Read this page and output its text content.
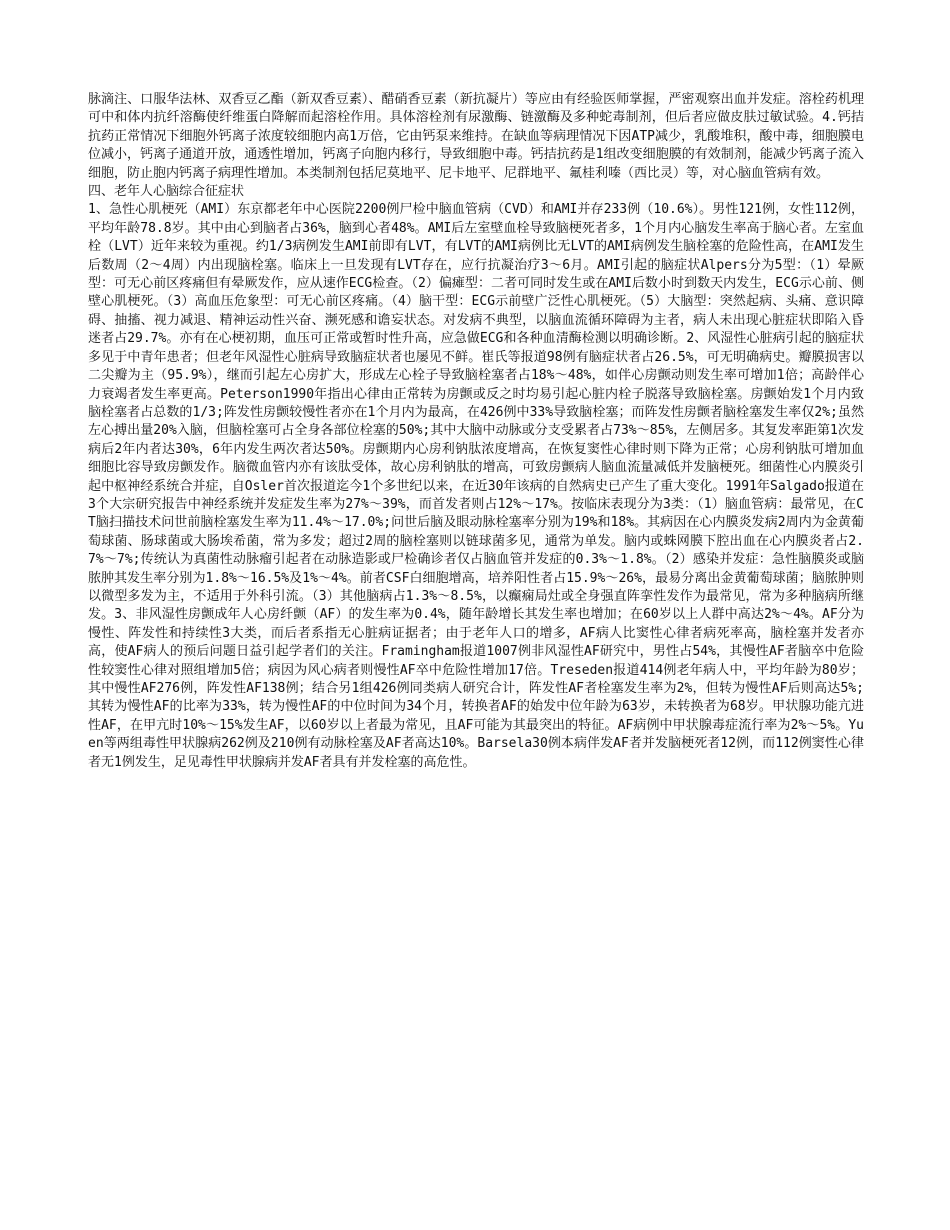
脉滴注、口服华法林、双香豆乙酯（新双香豆素）、醋硝香豆素（新抗凝片）等应由有经验医师掌握，严密观察出血并发症。溶栓药机理可中和体内抗纤溶酶使纤维蛋白降解而起溶栓作用。具体溶栓剂有尿激酶、链激酶及多种蛇毒制剂，但后者应做皮肤过敏试验。4.钙拮抗药正常情况下细胞外钙离子浓度较细胞内高1万倍，它由钙泵来维持。在缺血等病理情况下因ATP减少，乳酸堆积，酸中毒，细胞膜电位减小，钙离子通道开放，通透性增加，钙离子向胞内移行，导致细胞中毒。钙拮抗药是1组改变细胞膜的有效制剂，能减少钙离子流入细胞，防止胞内钙离子病理性增加。本类制剂包括尼莫地平、尼卡地平、尼群地平、氟桂利嗪（西比灵）等，对心脑血管病有效。

四、老年人心脑综合征症状

1、急性心肌梗死（AMI）东京都老年中心医院2200例尸检中脑血管病（CVD）和AMI并存233例（10.6%）。男性121例，女性112例，平均年龄78.8岁。其中由心到脑者占36%，脑到心者48%。AMI后左室壁血栓导致脑梗死者多，1个月内心脑发生率高于脑心者。左室血栓（LVT）近年来较为重视。约1/3病例发生AMI前即有LVT，有LVT的AMI病例比无LVT的AMI病例发生脑栓塞的危险性高，在AMI发生后数周（2～4周）内出现脑栓塞。临床上一旦发现有LVT存在，应行抗凝治疗3～6月。AMI引起的脑症状Alpers分为5型：（1）晕厥型：可无心前区疼痛但有晕厥发作，应从速作ECG检查。（2）偏瘫型：二者可同时发生或在AMI后数小时到数天内发生，ECG示心前、侧壁心肌梗死。（3）高血压危象型：可无心前区疼痛。（4）脑干型：ECG示前壁广泛性心肌梗死。（5）大脑型：突然起病、头痛、意识障碍、抽搐、视力减退、精神运动性兴奋、濒死感和谵妄状态。对发病不典型，以脑血流循环障碍为主者，病人未出现心脏症状即陷入昏迷者占29.7%。亦有在心梗初期，血压可正常或暂时性升高，应急做ECG和各种血清酶检测以明确诊断。2、风湿性心脏病引起的脑症状多见于中青年患者；但老年风湿性心脏病导致脑症状者也屡见不鲜。崔氏等报道98例有脑症状者占26.5%，可无明确病史。瓣膜损害以二尖瓣为主（95.9%），继而引起左心房扩大，形成左心栓子导致脑栓塞者占18%～48%，如伴心房颤动则发生率可增加1倍；高龄伴心力衰竭者发生率更高。Peterson1990年指出心律由正常转为房颤或反之时均易引起心脏内栓子脱落导致脑栓塞。房颤始发1个月内致脑栓塞者占总数的1/3;阵发性房颤较慢性者亦在1个月内为最高，在426例中33%导致脑栓塞；而阵发性房颤者脑栓塞发生率仅2%;虽然左心搏出量20%入脑，但脑栓塞可占全身各部位栓塞的50%;其中大脑中动脉或分支受累者占73%～85%，左侧居多。其复发率距第1次发病后2年内者达30%，6年内发生两次者达50%。房颤期内心房利钠肽浓度增高，在恢复窦性心律时则下降为正常；心房利钠肽可增加血细胞比容导致房颤发作。脑微血管内亦有该肽受体，故心房利钠肽的增高，可致房颤病人脑血流量减低并发脑梗死。细菌性心内膜炎引起中枢神经系统合并症，自Osler首次报道迄今1个多世纪以来，在近30年该病的自然病史已产生了重大变化。1991年Salgado报道在3个大宗研究报告中神经系统并发症发生率为27%～39%，而首发者则占12%～17%。按临床表现分为3类：（1）脑血管病：最常见，在CT脑扫描技术问世前脑栓塞发生率为11.4%～17.0%;问世后脑及眼动脉栓塞率分别为19%和18%。其病因在心内膜炎发病2周内为金黄葡萄球菌、肠球菌或大肠埃希菌，常为多发；超过2周的脑栓塞则以链球菌多见，通常为单发。脑内或蛛网膜下腔出血在心内膜炎者占2.7%～7%;传统认为真菌性动脉瘤引起者在动脉造影或尸检确诊者仅占脑血管并发症的0.3%～1.8%。（2）感染并发症：急性脑膜炎或脑脓肿其发生率分别为1.8%～16.5%及1%～4%。前者CSF白细胞增高，培养阳性者占15.9%～26%，最易分离出金黄葡萄球菌；脑脓肿则以微型多发为主，不适用于外科引流。（3）其他脑病占1.3%～8.5%，以癫痫局灶或全身强直阵挛性发作为最常见，常为多种脑病所继发。3、非风湿性房颤成年人心房纤颤（AF）的发生率为0.4%，随年龄增长其发生率也增加；在60岁以上人群中高达2%～4%。AF分为慢性、阵发性和持续性3大类，而后者系指无心脏病证据者；由于老年人口的增多，AF病人比窦性心律者病死率高，脑栓塞并发者亦高，使AF病人的预后问题日益引起学者们的关注。Framingham报道1007例非风湿性AF研究中，男性占54%，其慢性AF者脑卒中危险性较窦性心律对照组增加5倍；病因为风心病者则慢性AF卒中危险性增加17倍。Treseden报道414例老年病人中，平均年龄为80岁；其中慢性AF276例，阵发性AF138例；结合另1组426例同类病人研究合计，阵发性AF者栓塞发生率为2%，但转为慢性AF后则高达5%;其转为慢性AF的比率为33%，转为慢性AF的中位时间为34个月，转换者AF的始发中位年龄为63岁，未转换者为68岁。甲状腺功能亢进性AF，在甲亢时10%～15%发生AF，以60岁以上者最为常见，且AF可能为其最突出的特征。AF病例中甲状腺毒症流行率为2%～5%。Yuen等两组毒性甲状腺病262例及210例有动脉栓塞及AF者高达10%。Barsela30例本病伴发AF者并发脑梗死者12例，而112例窦性心律者无1例发生，足见毒性甲状腺病并发AF者具有并发栓塞的高危性。
